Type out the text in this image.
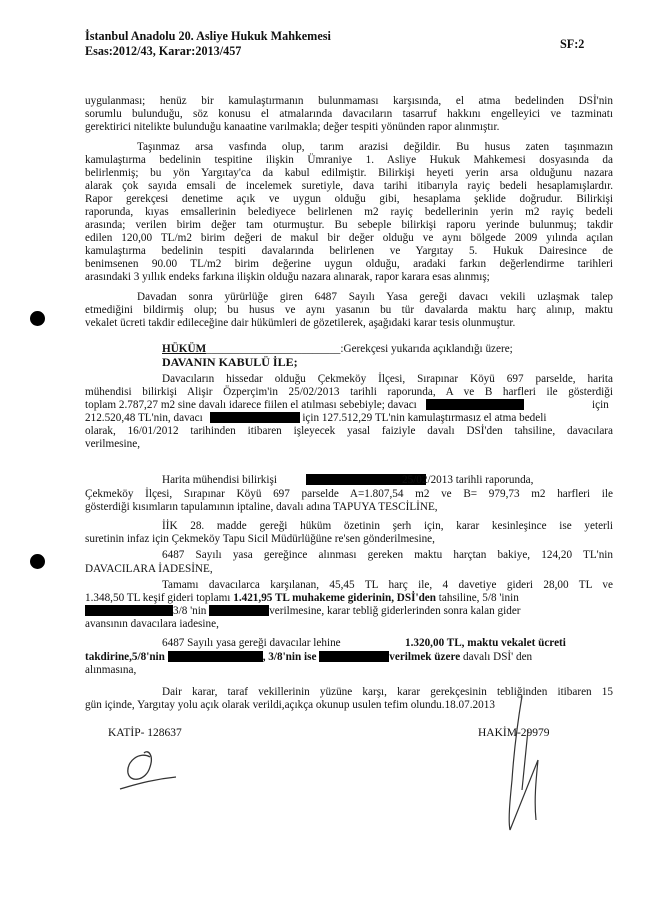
İstanbul Anadolu 20. Asliye Hukuk Mahkemesi
Esas:2012/43, Karar:2013/457	SF:2
uygulanması; henüz bir kamulaştırmanın bulunmaması karşısında, el atma bedelinden DSİ'nin
sorumlu bulunduğu, söz konusu el atmalarında davacıların tasarruf hakkını engelleyici ve tazminatı
gerektirici nitelikte bulunduğu kanaatine varılmakla; değer tespiti yönünden rapor alınmıştır.
Taşınmaz arsa vasfında olup, tarım arazisi değildir. Bu husus zaten taşınmazın
kamulaştırma bedelinin tespitine ilişkin Ümraniye 1. Asliye Hukuk Mahkemesi dosyasında da
belirlenmiş; bu yön Yargıtay'ca da kabul edilmiştir. Bilirkişi heyeti yerin arsa olduğunu nazara
alarak çok sayıda emsali de incelemek suretiyle, dava tarihi itibarıyla rayiç bedeli hesaplamışlardır.
Rapor gerekçesi denetime açık ve uygun olduğu gibi, hesaplama şeklide doğrudur. Bilirkişi
raporunda, kıyas emsallerinin belediyece belirlenen m2 rayiç bedellerinin yerin m2 rayiç bedeli
arasında; verilen birim değer tam oturmuştur. Bu sebeple bilirkişi raporu yerinde bulunmuş; takdir
edilen 120,00 TL/m2 birim değeri de makul bir değer olduğu ve aynı bölgede 2009 yılında açılan
kamulaştırma bedelinin tespiti davalarında belirlenen ve Yargıtay 5. Hukuk Dairesince de
benimsenen 90.00 TL/m2 birim değerine uygun olduğu, aradaki farkın değerlendirme tarihleri
arasındaki 3 yıllık endeks farkına ilişkin olduğu nazara alınarak, rapor karara esas alınmış;
Davadan sonra yürürlüğe giren 6487 Sayılı Yasa gereği davacı vekili uzlaşmak talep
etmediğini bildirmiş olup; bu husus ve aynı yasanın bu tür davalarda maktu harç alınıp, maktu
vekalet ücreti takdir edileceğine dair hükümleri de gözetilerek, aşağıdaki karar tesis olunmuştur.
HÜKÜM________________________:Gerekçesi yukarıda açıklandığı üzere;
DAVANIN KABULÜ İLE;
Davacıların hissedar olduğu Çekmeköy İlçesi, Sırapınar Köyü 697 parselde, harita
mühendisi bilirkişi Alişir Özperçim'in 25/02/2013 tarihli raporunda, A ve B harfleri ile gösterdiği
toplam 2.787,27 m2 sine davalı idarece fiilen el atılması sebebiyle; davacı	için
212.520,48 TL'nin, davacı	için 127.512,29 TL'nin kamulaştırmasız el atma bedeli
olarak, 16/01/2012 tarihinden itibaren işleyecek yasal faiziyle davalı DSİ'den tahsiline, davacılara
verilmesine,
Harita mühendisi bilirkişi	25/02/2013 tarihli raporunda,
Çekmeköy İlçesi, Sırapınar Köyü 697 parselde A=1.807,54 m2 ve B= 979,73 m2 harfleri ile
gösterdiği kısımların tapulamının iptaline, davalı adına TAPUYA TESCİLİNE,
İİK 28. madde gereği hüküm özetinin şerh için, karar kesinleşince ise yeterli
suretinin infaz için Çekmeköy Tapu Sicil Müdürlüğüne re'sen gönderilmesine,
6487 Sayılı yasa gereğince alınması gereken maktu harçtan bakiye, 124,20 TL'nin
DAVACILARA İADESİNE,
Tamamı davacılarca karşılanan, 45,45 TL harç ile, 4 davetiye gideri 28,00 TL ve
1.348,50 TL keşif gideri toplamı 1.421,95 TL muhakeme giderinin, DSİ'den tahsiline, 5/8 'inin
3/8 'nin	verilmesine, karar tebliğ giderlerinden sonra kalan gider
avansının davacılara iadesine,
6487 Sayılı yasa gereği davacılar lehine	1.320,00 TL, maktu vekalet ücreti
takdirine,5/8'nin	, 3/8'nin ise	verilmek üzere davalı DSİ' den
alınmasına,
Dair karar, taraf vekillerinin yüzüne karşı, karar gerekçesinin tebliğinden itibaren 15
gün içinde, Yargıtay yolu açık olarak verildi,açıkça okunup usulen tefim olundu.18.07.2013
KATİP- 128637	HAKİM-29979
